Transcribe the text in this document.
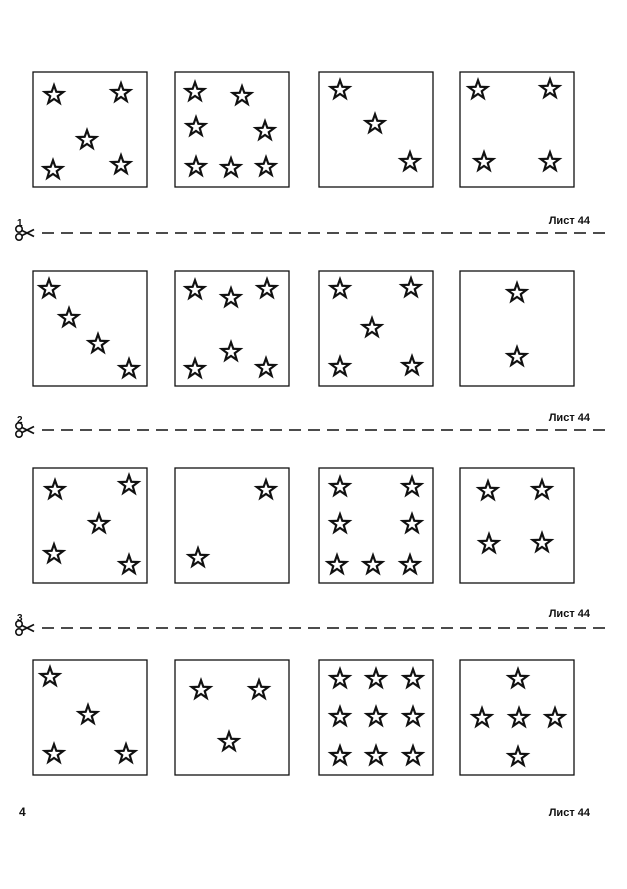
1	Лист 44
2	Лист 44
3	Лист 44
4	Лист 44
